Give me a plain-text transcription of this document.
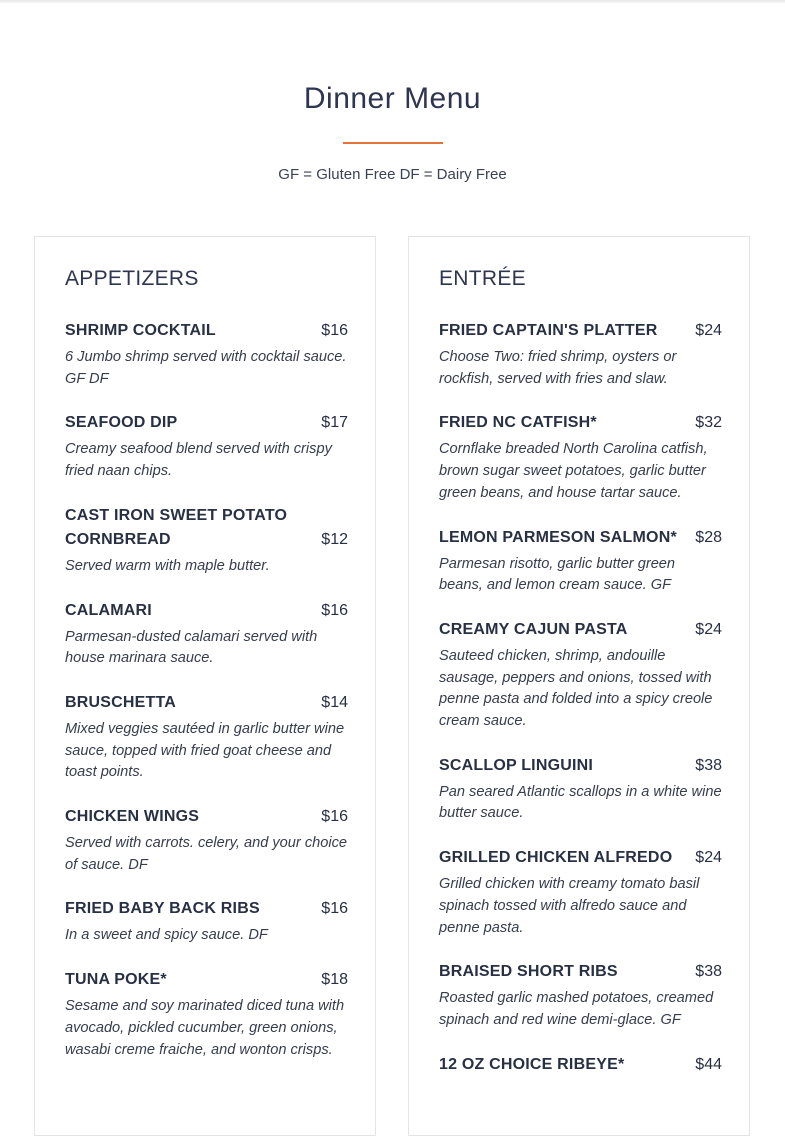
Dinner Menu
GF = Gluten Free DF = Dairy Free
APPETIZERS
SHRIMP COCKTAIL	$16
6 Jumbo shrimp served with cocktail sauce. GF DF
SEAFOOD DIP	$17
Creamy seafood blend served with crispy fried naan chips.
CAST IRON SWEET POTATO CORNBREAD	$12
Served warm with maple butter.
CALAMARI	$16
Parmesan-dusted calamari served with house marinara sauce.
BRUSCHETTA	$14
Mixed veggies sautéed in garlic butter wine sauce, topped with fried goat cheese and toast points.
CHICKEN WINGS	$16
Served with carrots. celery, and your choice of sauce. DF
FRIED BABY BACK RIBS	$16
In a sweet and spicy sauce. DF
TUNA POKE*	$18
Sesame and soy marinated diced tuna with avocado, pickled cucumber, green onions, wasabi creme fraiche, and wonton crisps.
ENTRÉE
FRIED CAPTAIN'S PLATTER $24
Choose Two: fried shrimp, oysters or rockfish, served with fries and slaw.
FRIED NC CATFISH*	$32
Cornflake breaded North Carolina catfish, brown sugar sweet potatoes, garlic butter green beans, and house tartar sauce.
LEMON PARMESON SALMON* $28
Parmesan risotto, garlic butter green beans, and lemon cream sauce. GF
CREAMY CAJUN PASTA	$24
Sauteed chicken, shrimp, andouille sausage, peppers and onions, tossed with penne pasta and folded into a spicy creole cream sauce.
SCALLOP LINGUINI	$38
Pan seared Atlantic scallops in a white wine butter sauce.
GRILLED CHICKEN ALFREDO $24
Grilled chicken with creamy tomato basil spinach tossed with alfredo sauce and penne pasta.
BRAISED SHORT RIBS	$38
Roasted garlic mashed potatoes, creamed spinach and red wine demi-glace. GF
12 OZ CHOICE RIBEYE*	$44
